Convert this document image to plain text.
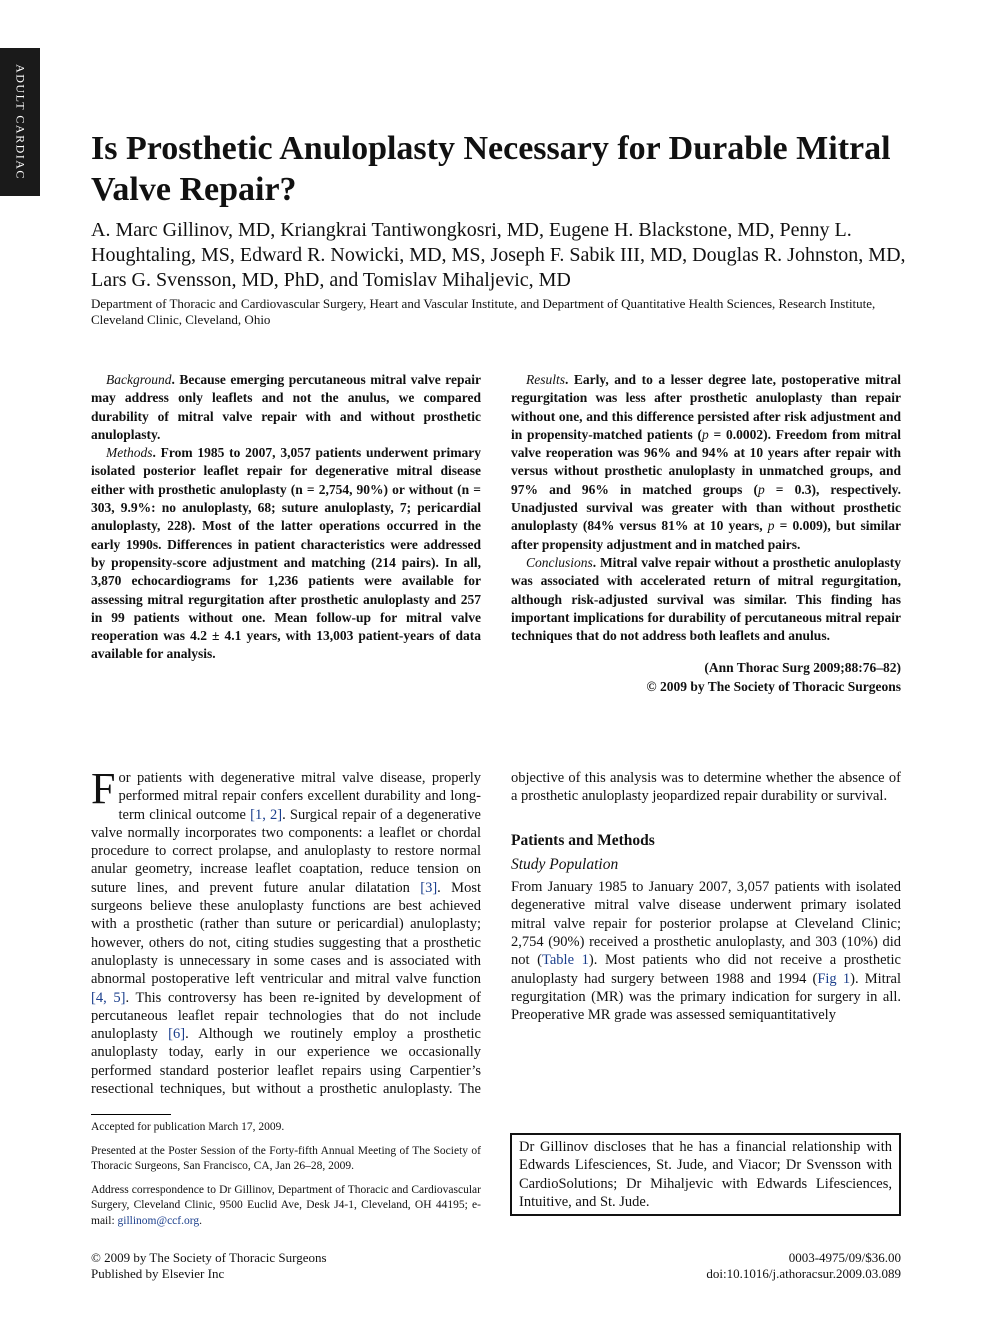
ADULT CARDIAC Is Prosthetic Anuloplasty Necessary for Durable Mitral Valve Repair?
A. Marc Gillinov, MD, Kriangkrai Tantiwongkosri, MD, Eugene H. Blackstone, MD, Penny L. Houghtaling, MS, Edward R. Nowicki, MD, MS, Joseph F. Sabik III, MD, Douglas R. Johnston, MD, Lars G. Svensson, MD, PhD, and Tomislav Mihaljevic, MD
Department of Thoracic and Cardiovascular Surgery, Heart and Vascular Institute, and Department of Quantitative Health Sciences, Research Institute, Cleveland Clinic, Cleveland, Ohio

Background. Because emerging percutaneous mitral valve repair may address only leaflets and not the anulus, we compared durability of mitral valve repair with and without prosthetic anuloplasty.

Methods. From 1985 to 2007, 3,057 patients underwent primary isolated posterior leaflet repair for degenerative mitral disease either with prosthetic anuloplasty (n = 2,754, 90%) or without (n = 303, 9.9%: no anuloplasty, 68; suture anuloplasty, 7; pericardial anuloplasty, 228). Most of the latter operations occurred in the early 1990s. Differences in patient characteristics were addressed by propensity-score adjustment and matching (214 pairs). In all, 3,870 echocardiograms for 1,236 patients were available for assessing mitral regurgitation after prosthetic anuloplasty and 257 in 99 patients without one. Mean follow-up for mitral valve reoperation was 4.2 ± 4.1 years, with 13,003 patient-years of data available for analysis.

Results. Early, and to a lesser degree late, postoperative mitral regurgitation was less after prosthetic anuloplasty than repair without one, and this difference persisted after risk adjustment and in propensity-matched patients (p = 0.0002). Freedom from mitral valve reoperation was 96% and 94% at 10 years after repair with versus without prosthetic anuloplasty in unmatched groups, and 97% and 96% in matched groups (p = 0.3), respectively. Unadjusted survival was greater with than without prosthetic anuloplasty (84% versus 81% at 10 years, p = 0.009), but similar after propensity adjustment and in matched pairs.

Conclusions. Mitral valve repair without a prosthetic anuloplasty was associated with accelerated return of mitral regurgitation, although risk-adjusted survival was similar. This finding has important implications for durability of percutaneous mitral repair techniques that do not address both leaflets and anulus.

(Ann Thorac Surg 2009;88:76–82)
© 2009 by The Society of Thoracic Surgeons

For patients with degenerative mitral valve disease, properly performed mitral repair confers excellent durability and long-term clinical outcome [1, 2]. Surgical repair of a degenerative valve normally incorporates two components: a leaflet or chordal procedure to correct prolapse, and anuloplasty to restore normal anular geometry, increase leaflet coaptation, reduce tension on suture lines, and prevent future anular dilatation [3]. Most surgeons believe these anuloplasty functions are best achieved with a prosthetic (rather than suture or pericardial) anuloplasty; however, others do not, citing studies suggesting that a prosthetic anuloplasty is unnecessary in some cases and is associated with abnormal postoperative left ventricular and mitral valve function [4, 5]. This controversy has been re-ignited by development of percutaneous leaflet repair technologies that do not include anuloplasty [6]. Although we routinely employ a prosthetic anuloplasty today, early in our experience we occasionally performed standard posterior leaflet repairs using Carpentier’s resectional techniques, but without a prosthetic anuloplasty. The objective of this analysis was to determine whether the absence of a prosthetic anuloplasty jeopardized repair durability or survival.

Patients and Methods
Study Population

From January 1985 to January 2007, 3,057 patients with isolated degenerative mitral valve disease underwent primary isolated mitral valve repair for posterior prolapse at Cleveland Clinic; 2,754 (90%) received a prosthetic anuloplasty, and 303 (10%) did not (Table 1). Most patients who did not receive a prosthetic anuloplasty had surgery between 1988 and 1994 (Fig 1). Mitral regurgitation (MR) was the primary indication for surgery in all. Preoperative MR grade was assessed semiquantitatively

Accepted for publication March 17, 2009.

Presented at the Poster Session of the Forty-fifth Annual Meeting of The Society of Thoracic Surgeons, San Francisco, CA, Jan 26–28, 2009.

Address correspondence to Dr Gillinov, Department of Thoracic and Cardiovascular Surgery, Cleveland Clinic, 9500 Euclid Ave, Desk J4-1, Cleveland, OH 44195; e-mail: gillinom@ccf.org.

Dr Gillinov discloses that he has a financial relationship with Edwards Lifesciences, St. Jude, and Viacor; Dr Svensson with CardioSolutions; Dr Mihaljevic with Edwards Lifesciences, Intuitive, and St. Jude.
© 2009 by The Society of Thoracic Surgeons
Published by Elsevier Inc
0003-4975/09/$36.00
doi:10.1016/j.athoracsur.2009.03.089
